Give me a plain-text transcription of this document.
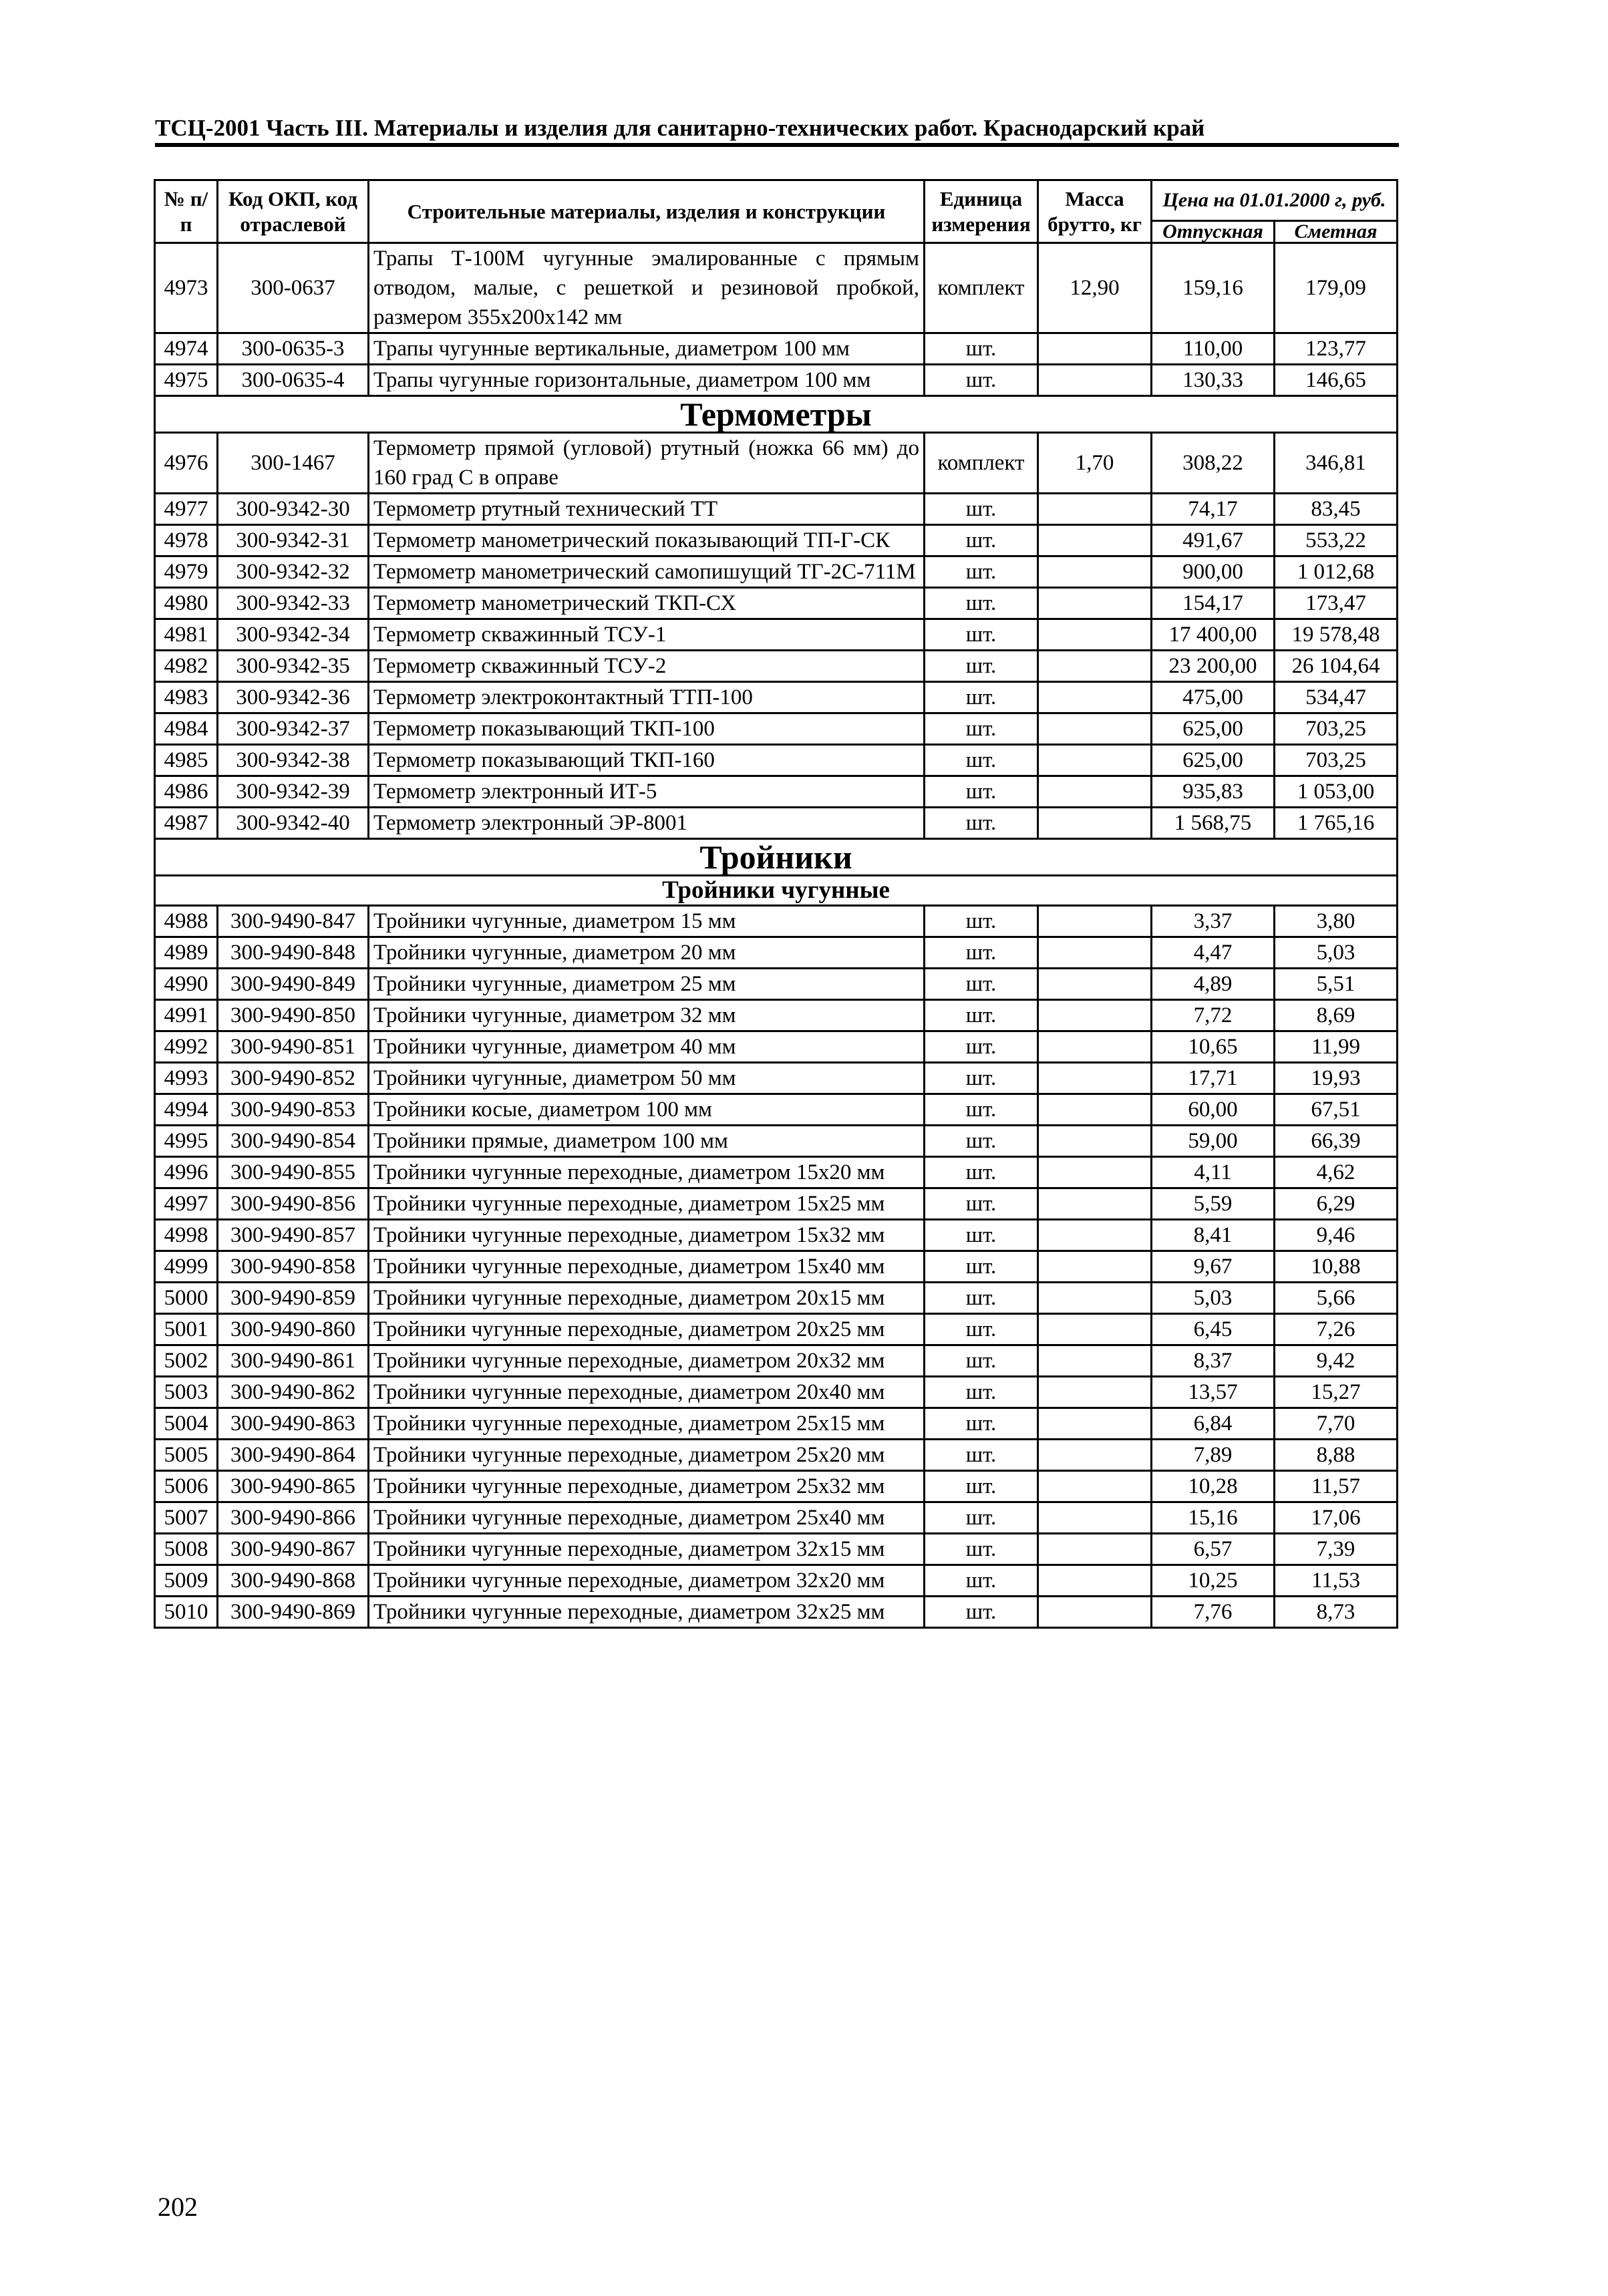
ТСЦ-2001 Часть III. Материалы и изделия для санитарно-технических работ. Краснодарский край
№ п/п	Код ОКП, код отраслевой	Строительные материалы, изделия и конструкции	Единица измерения	Масса брутто, кг	Цена на 01.01.2000 г, руб.	
					Отпускная	Сметная
4973	300-0637	Трапы Т-100М чугунные эмалированные с прямым отводом, малые, с решеткой и резиновой пробкой, размером 355x200x142 мм	комплект	12,90	159,16	179,09
4974	300-0635-3	Трапы чугунные вертикальные, диаметром 100 мм	шт.		110,00	123,77
4975	300-0635-4	Трапы чугунные горизонтальные, диаметром 100 мм	шт.		130,33	146,65
Термометры						
4976	300-1467	Термометр прямой (угловой) ртутный (ножка 66 мм) до 160 град С в оправе	комплект	1,70	308,22	346,81
4977	300-9342-30	Термометр ртутный технический ТТ	шт.		74,17	83,45
4978	300-9342-31	Термометр манометрический показывающий ТП-Г-СК	шт.		491,67	553,22
4979	300-9342-32	Термометр манометрический самопишущий ТГ-2С-711М	шт.		900,00	1 012,68
4980	300-9342-33	Термометр манометрический ТКП-СХ	шт.		154,17	173,47
4981	300-9342-34	Термометр скважинный ТСУ-1	шт.		17 400,00	19 578,48
4982	300-9342-35	Термометр скважинный ТСУ-2	шт.		23 200,00	26 104,64
4983	300-9342-36	Термометр электроконтактный ТТП-100	шт.		475,00	534,47
4984	300-9342-37	Термометр показывающий ТКП-100	шт.		625,00	703,25
4985	300-9342-38	Термометр показывающий ТКП-160	шт.		625,00	703,25
4986	300-9342-39	Термометр электронный ИТ-5	шт.		935,83	1 053,00
4987	300-9342-40	Термометр электронный ЭР-8001	шт.		1 568,75	1 765,16
Тройники						
Тройники чугунные						
4988	300-9490-847	Тройники чугунные, диаметром 15 мм	шт.		3,37	3,80
4989	300-9490-848	Тройники чугунные, диаметром 20 мм	шт.		4,47	5,03
4990	300-9490-849	Тройники чугунные, диаметром 25 мм	шт.		4,89	5,51
4991	300-9490-850	Тройники чугунные, диаметром 32 мм	шт.		7,72	8,69
4992	300-9490-851	Тройники чугунные, диаметром 40 мм	шт.		10,65	11,99
4993	300-9490-852	Тройники чугунные, диаметром 50 мм	шт.		17,71	19,93
4994	300-9490-853	Тройники косые, диаметром 100 мм	шт.		60,00	67,51
4995	300-9490-854	Тройники прямые, диаметром 100 мм	шт.		59,00	66,39
4996	300-9490-855	Тройники чугунные переходные, диаметром 15x20 мм	шт.		4,11	4,62
4997	300-9490-856	Тройники чугунные переходные, диаметром 15x25 мм	шт.		5,59	6,29
4998	300-9490-857	Тройники чугунные переходные, диаметром 15x32 мм	шт.		8,41	9,46
4999	300-9490-858	Тройники чугунные переходные, диаметром 15x40 мм	шт.		9,67	10,88
5000	300-9490-859	Тройники чугунные переходные, диаметром 20x15 мм	шт.		5,03	5,66
5001	300-9490-860	Тройники чугунные переходные, диаметром 20x25 мм	шт.		6,45	7,26
5002	300-9490-861	Тройники чугунные переходные, диаметром 20x32 мм	шт.		8,37	9,42
5003	300-9490-862	Тройники чугунные переходные, диаметром 20x40 мм	шт.		13,57	15,27
5004	300-9490-863	Тройники чугунные переходные, диаметром 25x15 мм	шт.		6,84	7,70
5005	300-9490-864	Тройники чугунные переходные, диаметром 25x20 мм	шт.		7,89	8,88
5006	300-9490-865	Тройники чугунные переходные, диаметром 25x32 мм	шт.		10,28	11,57
5007	300-9490-866	Тройники чугунные переходные, диаметром 25x40 мм	шт.		15,16	17,06
5008	300-9490-867	Тройники чугунные переходные, диаметром 32x15 мм	шт.		6,57	7,39
5009	300-9490-868	Тройники чугунные переходные, диаметром 32x20 мм	шт.		10,25	11,53
5010	300-9490-869	Тройники чугунные переходные, диаметром 32x25 мм	шт.		7,76	8,73
202
